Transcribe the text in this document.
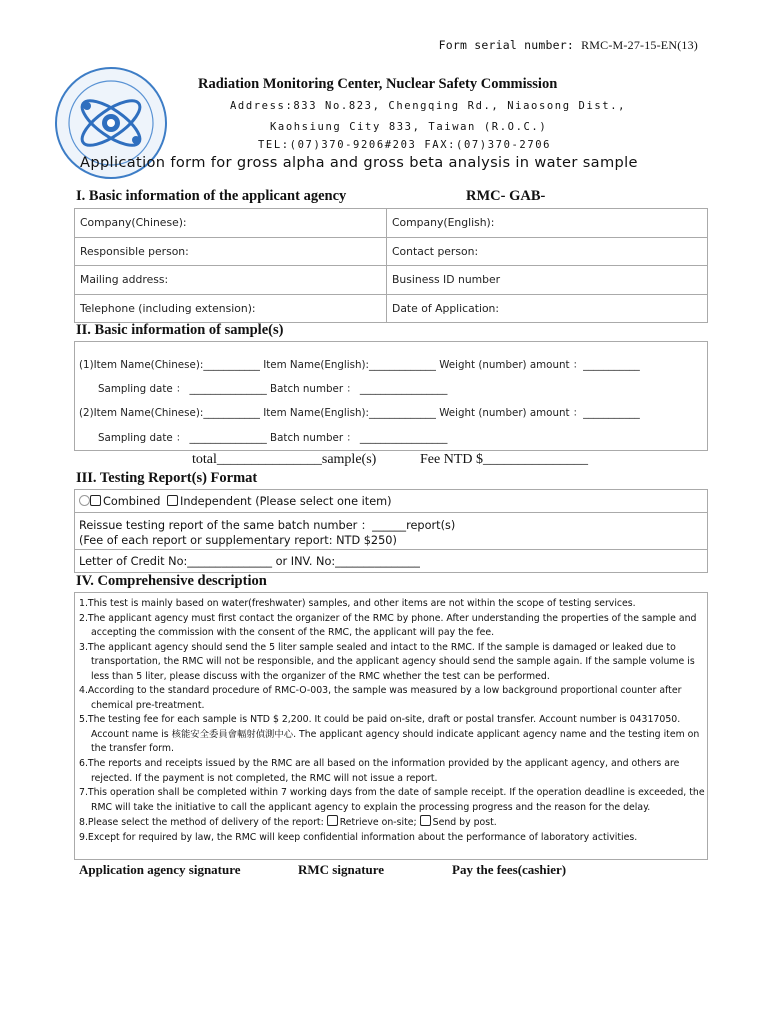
Form serial number: RMC-M-27-15-EN(13)
Radiation Monitoring Center, Nuclear Safety Commission
Address:833 No.823, Chengqing Rd., Niaosong Dist.,
Kaohsiung City 833, Taiwan (R.O.C.)
TEL:(07)370-9206#203 FAX:(07)370-2706
Application form for gross alpha and gross beta analysis in water sample
I. Basic information of the applicant agency	RMC- GAB-
Company(Chinese):	Company(English):
Responsible person:	Contact person:
Mailing address:	Business ID number
Telephone (including extension):	Date of Application:
II. Basic information of sample(s)
(1)Item Name(Chinese):___________ Item Name(English):_____________ Weight (number) amount ：___________
Sampling date ： _______________ Batch number ： _________________
(2)Item Name(Chinese):___________ Item Name(English):_____________ Weight (number) amount ：___________
Sampling date ： _______________ Batch number ： _________________
total_______________sample(s)	Fee NTD $_______________
III. Testing Report(s) Format
Combined Independent (Please select one item)
Reissue testing report of the same batch number ：______report(s)
(Fee of each report or supplementary report: NTD $250)
Letter of Credit No:_______________ or INV. No:_______________
IV. Comprehensive description

1.This test is mainly based on water(freshwater) samples, and other items are not within the scope of testing services.

2.The applicant agency must first contact the organizer of the RMC by phone. After understanding the properties of the sample and accepting the commission with the consent of the RMC, the applicant will pay the fee.

3.The applicant agency should send the 5 liter sample sealed and intact to the RMC. If the sample is damaged or leaked due to transportation, the RMC will not be responsible, and the applicant agency should send the sample again. If the sample volume is less than 5 liter, please discuss with the organizer of the RMC whether the test can be performed.

4.According to the standard procedure of RMC-O-003, the sample was measured by a low background proportional counter after chemical pre-treatment.

5.The testing fee for each sample is NTD $ 2,200. It could be paid on-site, draft or postal transfer. Account number is 04317050. Account name is 核能安全委員會輻射偵測中心. The applicant agency should indicate applicant agency name and the testing item on the transfer form.

6.The reports and receipts issued by the RMC are all based on the information provided by the applicant agency, and others are rejected. If the payment is not completed, the RMC will not issue a report.

7.This operation shall be completed within 7 working days from the date of sample receipt. If the operation deadline is exceeded, the RMC will take the initiative to call the applicant agency to explain the processing progress and the reason for the delay.

8.Please select the method of delivery of the report: Retrieve on-site; Send by post.

9.Except for required by law, the RMC will keep confidential information about the performance of laboratory activities.

Application agency signature	RMC signature	Pay the fees(cashier)
